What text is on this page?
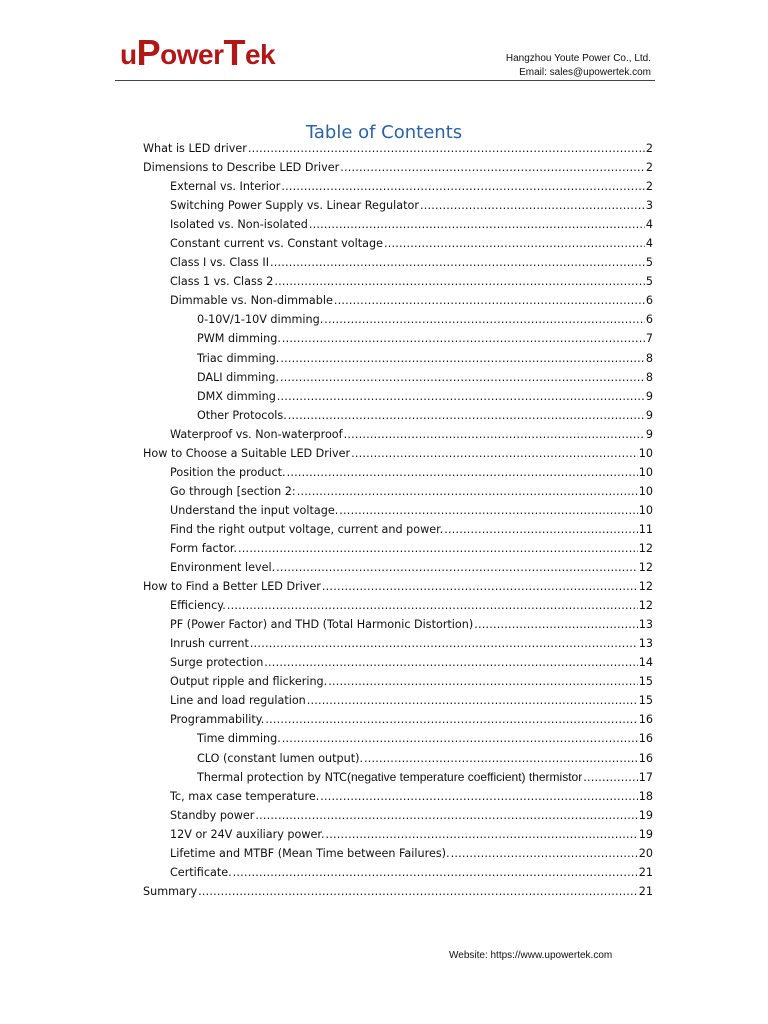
u P ower T ek	Hangzhou Youte Power Co., Ltd.
Email: sales@upowertek.com
Table of Contents
What is LED driver .....	2
Dimensions to Describe LED Driver .....	2
External vs. Interior .....	2
Switching Power Supply vs. Linear Regulator .....	3
Isolated vs. Non-isolated .....	4
Constant current vs. Constant voltage .....	4
Class I vs. Class II .....	5
Class 1 vs. Class 2 .....	5
Dimmable vs. Non-dimmable .....	6
0-10V/1-10V dimming. .....	6
PWM dimming. .....	7
Triac dimming. .....	8
DALI dimming. .....	8
DMX dimming .....	9
Other Protocols. .....	9
Waterproof vs. Non-waterproof .....	9
How to Choose a Suitable LED Driver .....	10
Position the product. .....	10
Go through [section 2: .....	10
Understand the input voltage. .....	10
Find the right output voltage, current and power. .....	11
Form factor. .....	12
Environment level. .....	12
How to Find a Better LED Driver .....	12
Efficiency. .....	12
PF (Power Factor) and THD (Total Harmonic Distortion) .....	13
Inrush current .....	13
Surge protection .....	14
Output ripple and flickering. .....	15
Line and load regulation .....	15
Programmability. .....	16
Time dimming. .....	16
CLO (constant lumen output). .....	16
Thermal protection by NTC (negative temperature coefficient) thermistor .....	17
Tc, max case temperature. .....	18
Standby power .....	19
12V or 24V auxiliary power. .....	19
Lifetime and MTBF (Mean Time between Failures). .....	20
Certificate. .....	21
Summary .....	21
Website: https://www.upowertek.com
